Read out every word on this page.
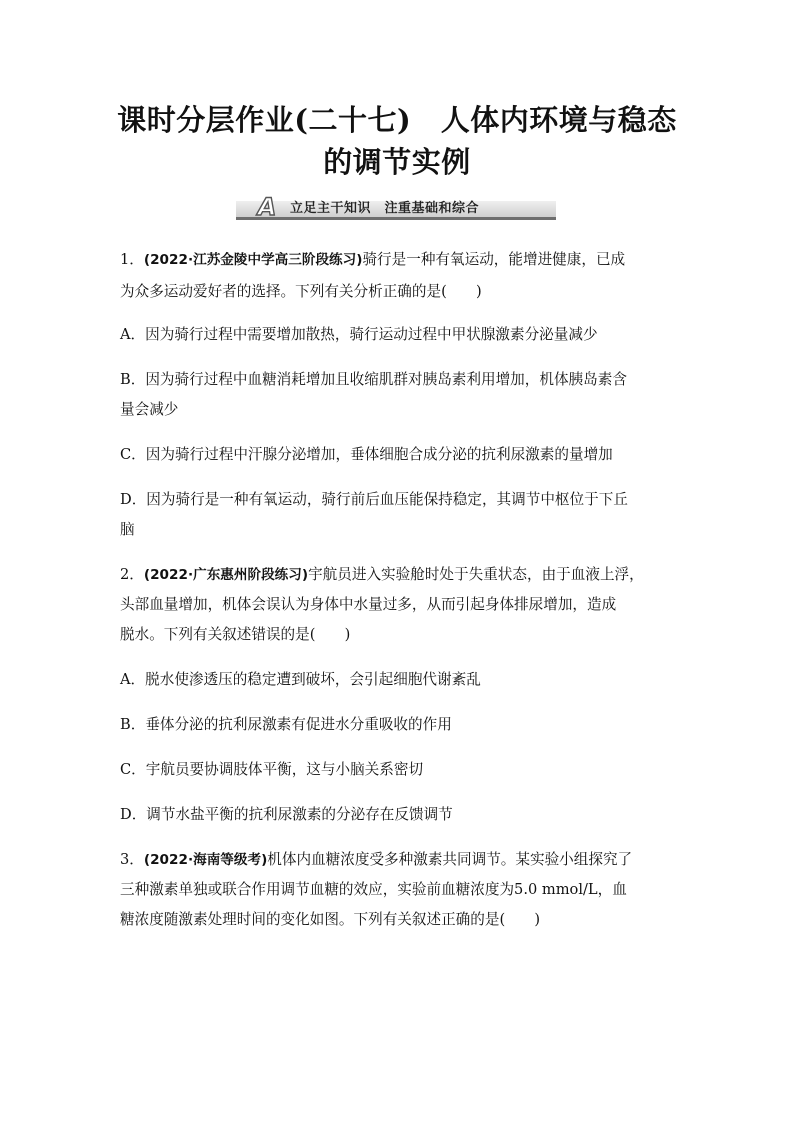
课时分层作业(二十七)　人体内环境与稳态
的调节实例
A 立足主干知识　注重基础和综合
1．(2022·江苏金陵中学高三阶段练习)骑行是一种有氧运动，能增进健康，已成
为众多运动爱好者的选择。下列有关分析正确的是(　　)
A．因为骑行过程中需要增加散热，骑行运动过程中甲状腺激素分泌量减少
B．因为骑行过程中血糖消耗增加且收缩肌群对胰岛素利用增加，机体胰岛素含
量会减少
C．因为骑行过程中汗腺分泌增加，垂体细胞合成分泌的抗利尿激素的量增加
D．因为骑行是一种有氧运动，骑行前后血压能保持稳定，其调节中枢位于下丘
脑
2．(2022·广东惠州阶段练习)宇航员进入实验舱时处于失重状态，由于血液上浮，
头部血量增加，机体会误认为身体中水量过多，从而引起身体排尿增加，造成
脱水。下列有关叙述错误的是(　　)
A．脱水使渗透压的稳定遭到破坏，会引起细胞代谢紊乱
B．垂体分泌的抗利尿激素有促进水分重吸收的作用
C．宇航员要协调肢体平衡，这与小脑关系密切
D．调节水盐平衡的抗利尿激素的分泌存在反馈调节
3．(2022·海南等级考)机体内血糖浓度受多种激素共同调节。某实验小组探究了
三种激素单独或联合作用调节血糖的效应，实验前血糖浓度为5.0 mmol/L，血
糖浓度随激素处理时间的变化如图。下列有关叙述正确的是(　　)
